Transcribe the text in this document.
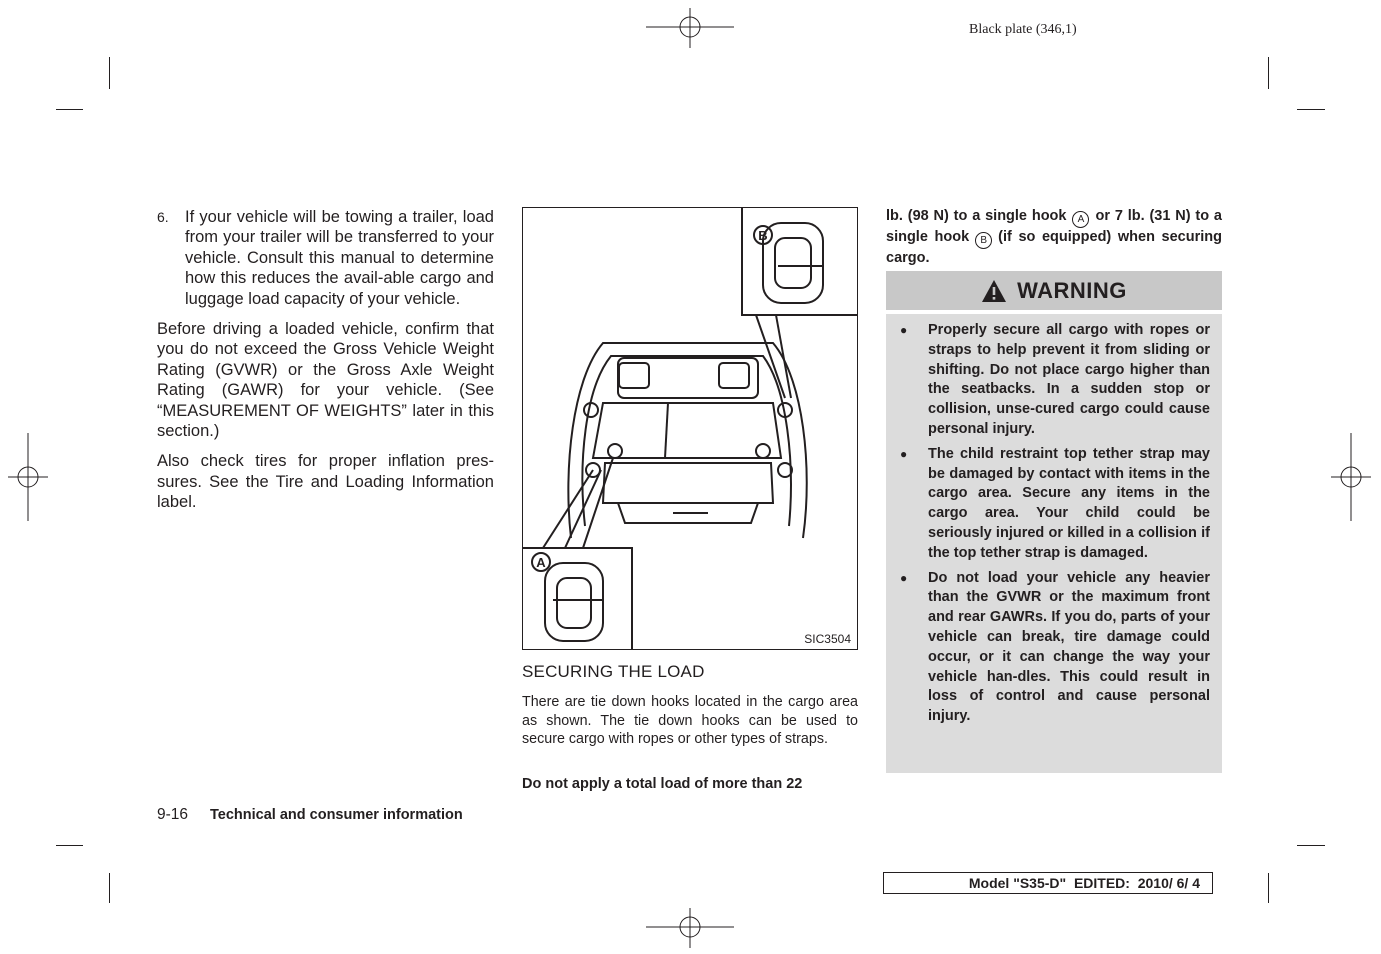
Black plate (346,1)

6. If your vehicle will be towing a trailer, load from your trailer will be transferred to your vehicle. Consult this manual to determine how this reduces the avail-able cargo and luggage load capacity of your vehicle.

Before driving a loaded vehicle, confirm that you do not exceed the Gross Vehicle Weight Rating (GVWR) or the Gross Axle Weight Rating (GAWR) for your vehicle. (See “MEASUREMENT OF WEIGHTS” later in this section.)

Also check tires for proper inflation pres-sures. See the Tire and Loading Information label.

B
A
SIC3504
SECURING THE LOAD
There are tie down hooks located in the cargo area as shown. The tie down hooks can be used to secure cargo with ropes or other types of straps.
Do not apply a total load of more than 22
lb. (98 N) to a single hook A or 7 lb. (31 N) to a single hook B (if so equipped) when securing cargo.
WARNING
●	Properly secure all cargo with ropes or straps to help prevent it from sliding or shifting. Do not place cargo higher than the seatbacks. In a sudden stop or collision, unse-cured cargo could cause personal injury.
●	The child restraint top tether strap may be damaged by contact with items in the cargo area. Secure any items in the cargo area. Your child could be seriously injured or killed in a collision if the top tether strap is damaged.
●	Do not load your vehicle any heavier than the GVWR or the maximum front and rear GAWRs. If you do, parts of your vehicle can break, tire damage could occur, or it can change the way your vehicle han-dles. This could result in loss of control and cause personal injury.
9-16 Technical and consumer information
Model "S35-D"  EDITED:  2010/ 6/ 4
